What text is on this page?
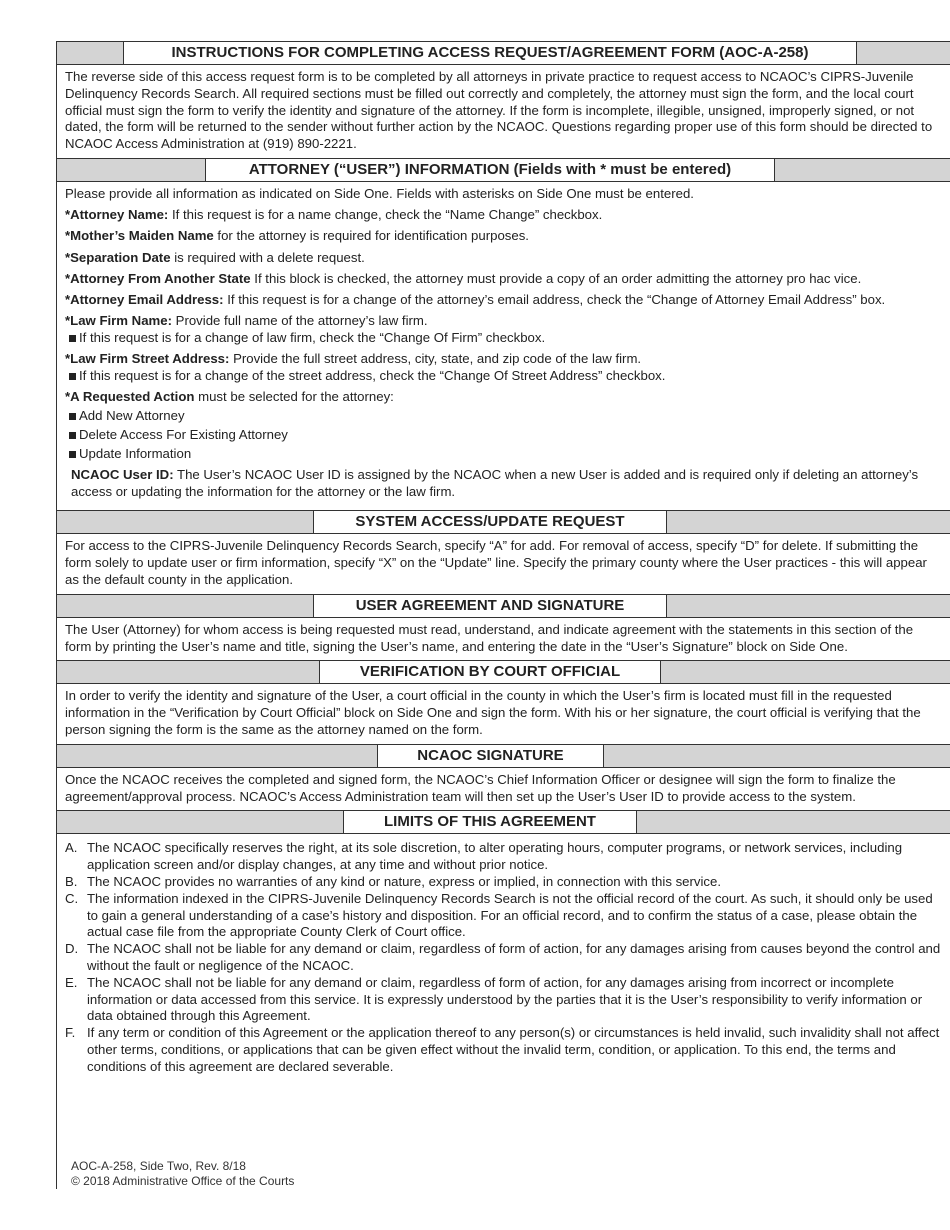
INSTRUCTIONS FOR COMPLETING ACCESS REQUEST/AGREEMENT FORM (AOC-A-258)

The reverse side of this access request form is to be completed by all attorneys in private practice to request access to NCAOC’s CIPRS-Juvenile Delinquency Records Search. All required sections must be filled out correctly and completely, the attorney must sign the form, and the local court official must sign the form to verify the identity and signature of the attorney. If the form is incomplete, illegible, unsigned, improperly signed, or not dated, the form will be returned to the sender without further action by the NCAOC. Questions regarding proper use of this form should be directed to NCAOC Access Administration at (919) 890-2221.

ATTORNEY (“USER”) INFORMATION (Fields with * must be entered)

Please provide all information as indicated on Side One. Fields with asterisks on Side One must be entered.

*Attorney Name: If this request is for a name change, check the “Name Change” checkbox.
*Mother’s Maiden Name for the attorney is required for identification purposes.
*Separation Date is required with a delete request.
*Attorney From Another State If this block is checked, the attorney must provide a copy of an order admitting the attorney pro hac vice.
*Attorney Email Address: If this request is for a change of the attorney’s email address, check the “Change of Attorney Email Address” box.
*Law Firm Name: Provide full name of the attorney’s law firm.
If this request is for a change of law firm, check the “Change Of Firm” checkbox.
*Law Firm Street Address: Provide the full street address, city, state, and zip code of the law firm.
If this request is for a change of the street address, check the “Change Of Street Address” checkbox.

*A Requested Action must be selected for the attorney:

Add New Attorney
Delete Access For Existing Attorney
Update Information

NCAOC User ID: The User’s NCAOC User ID is assigned by the NCAOC when a new User is added and is required only if deleting an attorney’s access or updating the information for the attorney or the law firm.

SYSTEM ACCESS/UPDATE REQUEST

For access to the CIPRS-Juvenile Delinquency Records Search, specify “A” for add. For removal of access, specify “D” for delete. If submitting the form solely to update user or firm information, specify “X” on the “Update” line. Specify the primary county where the User practices - this will appear as the default county in the application.

USER AGREEMENT AND SIGNATURE

The User (Attorney) for whom access is being requested must read, understand, and indicate agreement with the statements in this section of the form by printing the User’s name and title, signing the User’s name, and entering the date in the “User’s Signature” block on Side One.

VERIFICATION BY COURT OFFICIAL

In order to verify the identity and signature of the User, a court official in the county in which the User’s firm is located must fill in the requested information in the “Verification by Court Official” block on Side One and sign the form. With his or her signature, the court official is verifying that the person signing the form is the same as the attorney named on the form.

NCAOC SIGNATURE

Once the NCAOC receives the completed and signed form, the NCAOC’s Chief Information Officer or designee will sign the form to finalize the agreement/approval process. NCAOC’s Access Administration team will then set up the User’s User ID to provide access to the system.

LIMITS OF THIS AGREEMENT
A. The NCAOC specifically reserves the right, at its sole discretion, to alter operating hours, computer programs, or network services, including application screen and/or display changes, at any time and without prior notice.
B. The NCAOC provides no warranties of any kind or nature, express or implied, in connection with this service.
C. The information indexed in the CIPRS-Juvenile Delinquency Records Search is not the official record of the court. As such, it should only be used to gain a general understanding of a case’s history and disposition. For an official record, and to confirm the status of a case, please obtain the actual case file from the appropriate County Clerk of Court office.
D. The NCAOC shall not be liable for any demand or claim, regardless of form of action, for any damages arising from causes beyond the control and without the fault or negligence of the NCAOC.
E. The NCAOC shall not be liable for any demand or claim, regardless of form of action, for any damages arising from incorrect or incomplete information or data accessed from this service. It is expressly understood by the parties that it is the User’s responsibility to verify information or data obtained through this Agreement.
F. If any term or condition of this Agreement or the application thereof to any person(s) or circumstances is held invalid, such invalidity shall not affect other terms, conditions, or applications that can be given effect without the invalid term, condition, or application. To this end, the terms and conditions of this agreement are declared severable.
AOC-A-258, Side Two, Rev. 8/18
© 2018 Administrative Office of the Courts
